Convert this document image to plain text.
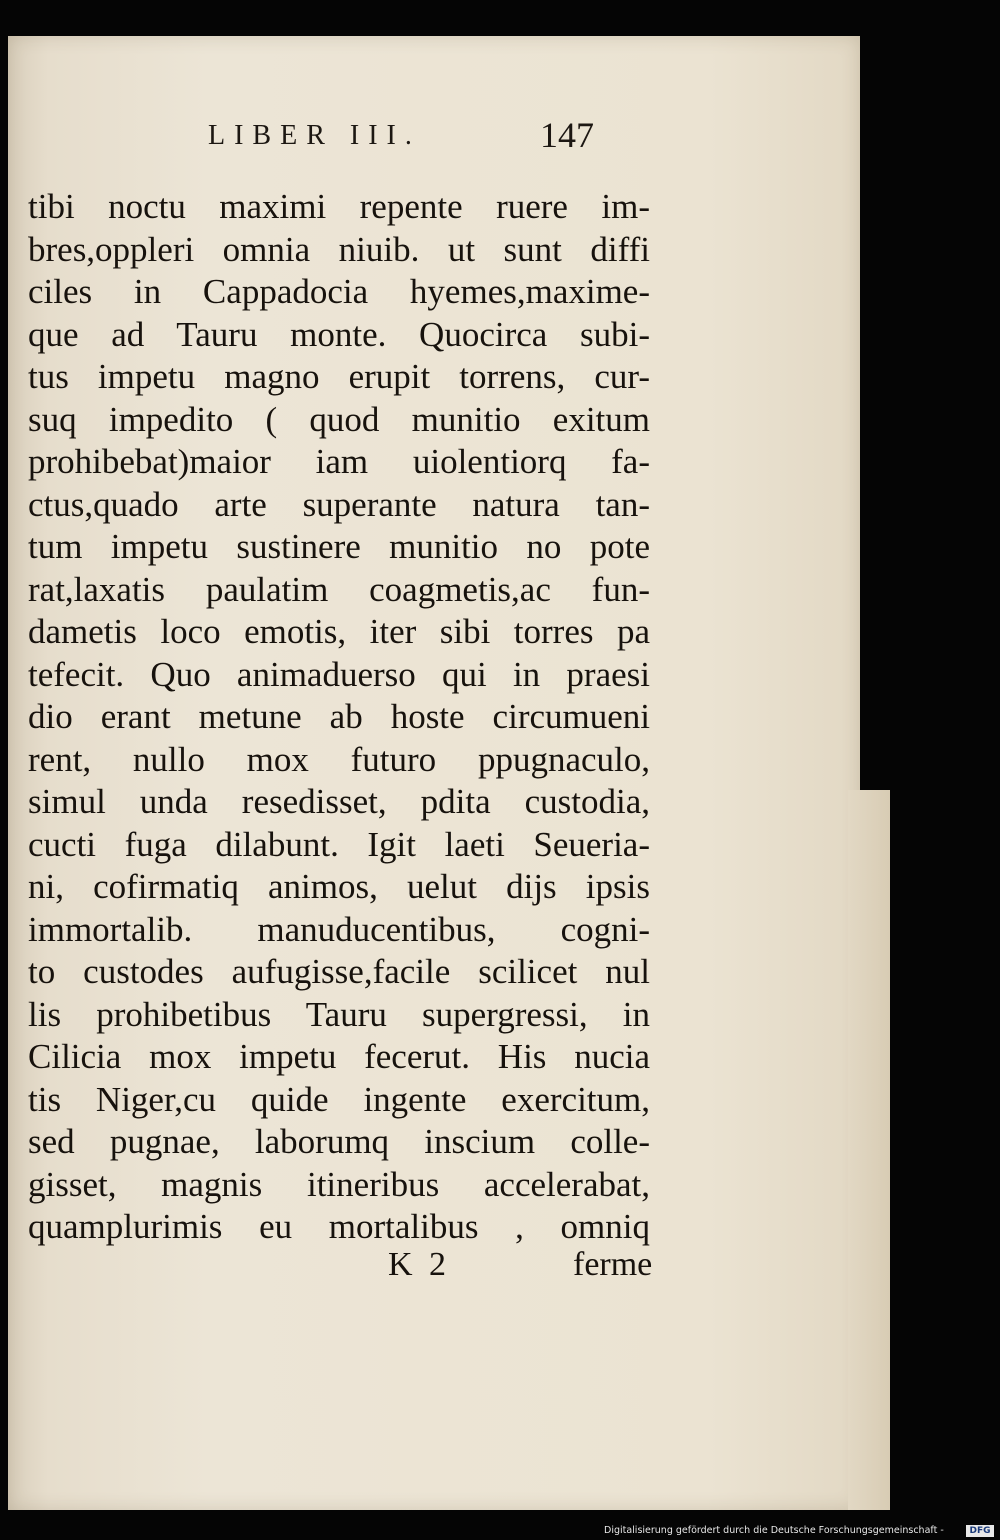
LIBER III.	147
tibi noctu maximi repente ruere im-
bres,oppleri omnia niuib. ut sunt diffi
ciles in Cappadocia hyemes,maxime-
que ad Tauru monte. Quocirca subi-
tus impetu magno erupit torrens, cur-
suq impedito ( quod munitio exitum
prohibebat)maior iam uiolentiorq fa-
ctus,quado arte superante natura tan-
tum impetu sustinere munitio no pote
rat,laxatis paulatim coagmetis,ac fun-
dametis loco emotis, iter sibi torres pa
tefecit. Quo animaduerso qui in praesi
dio erant metune ab hoste circumueni
rent, nullo mox futuro ppugnaculo,
simul unda resedisset, pdita custodia,
cucti fuga dilabunt. Igit laeti Seueria-
ni, cofirmatiq animos, uelut dijs ipsis
immortalib. manuducentibus, cogni-
to custodes aufugisse,facile scilicet nul
lis prohibetibus Tauru supergressi, in
Cilicia mox impetu fecerut. His nucia
tis Niger,cu quide ingente exercitum,
sed pugnae, laborumq inscium colle-
gisset, magnis itineribus accelerabat,
quamplurimis eu mortalibus , omniq
K 2	ferme
Digitalisierung gefördert durch die Deutsche Forschungsgemeinschaft -	DFG
